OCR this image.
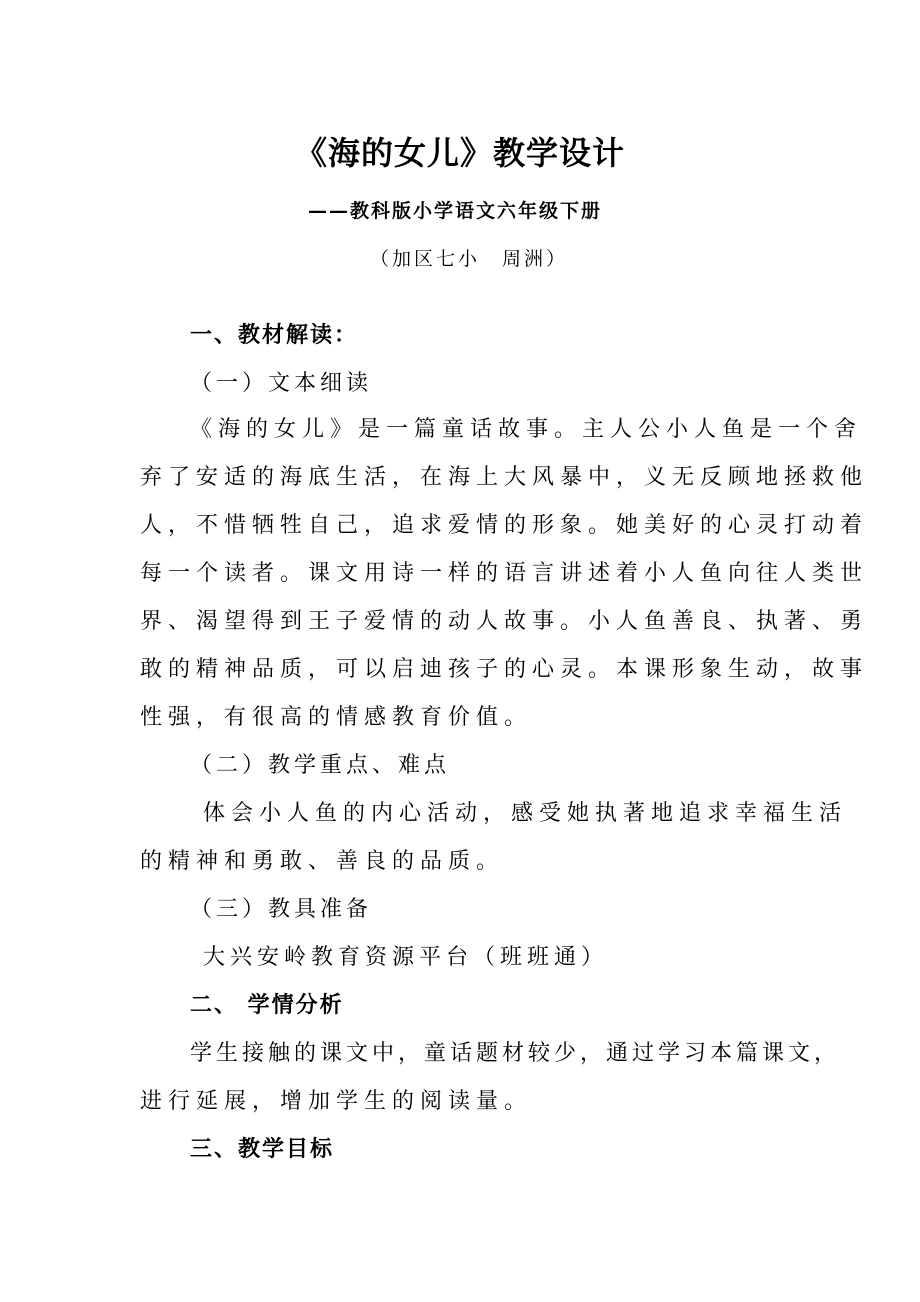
《海的女儿》教学设计
——教科版小学语文六年级下册
（加区七小　周洲）
一、教材解读：
（一）文本细读
《海的女儿》是一篇童话故事。主人公小人鱼是一个舍
弃了安适的海底生活，在海上大风暴中，义无反顾地拯救他
人，不惜牺牲自己，追求爱情的形象。她美好的心灵打动着
每一个读者。课文用诗一样的语言讲述着小人鱼向往人类世
界、渴望得到王子爱情的动人故事。小人鱼善良、执著、勇
敢的精神品质，可以启迪孩子的心灵。本课形象生动，故事
性强，有很高的情感教育价值。
（二）教学重点、难点
体会小人鱼的内心活动，感受她执著地追求幸福生活
的精神和勇敢、善良的品质。
（三）教具准备
大兴安岭教育资源平台（班班通）
二、 学情分析
学生接触的课文中，童话题材较少，通过学习本篇课文，
进行延展，增加学生的阅读量。
三、教学目标
